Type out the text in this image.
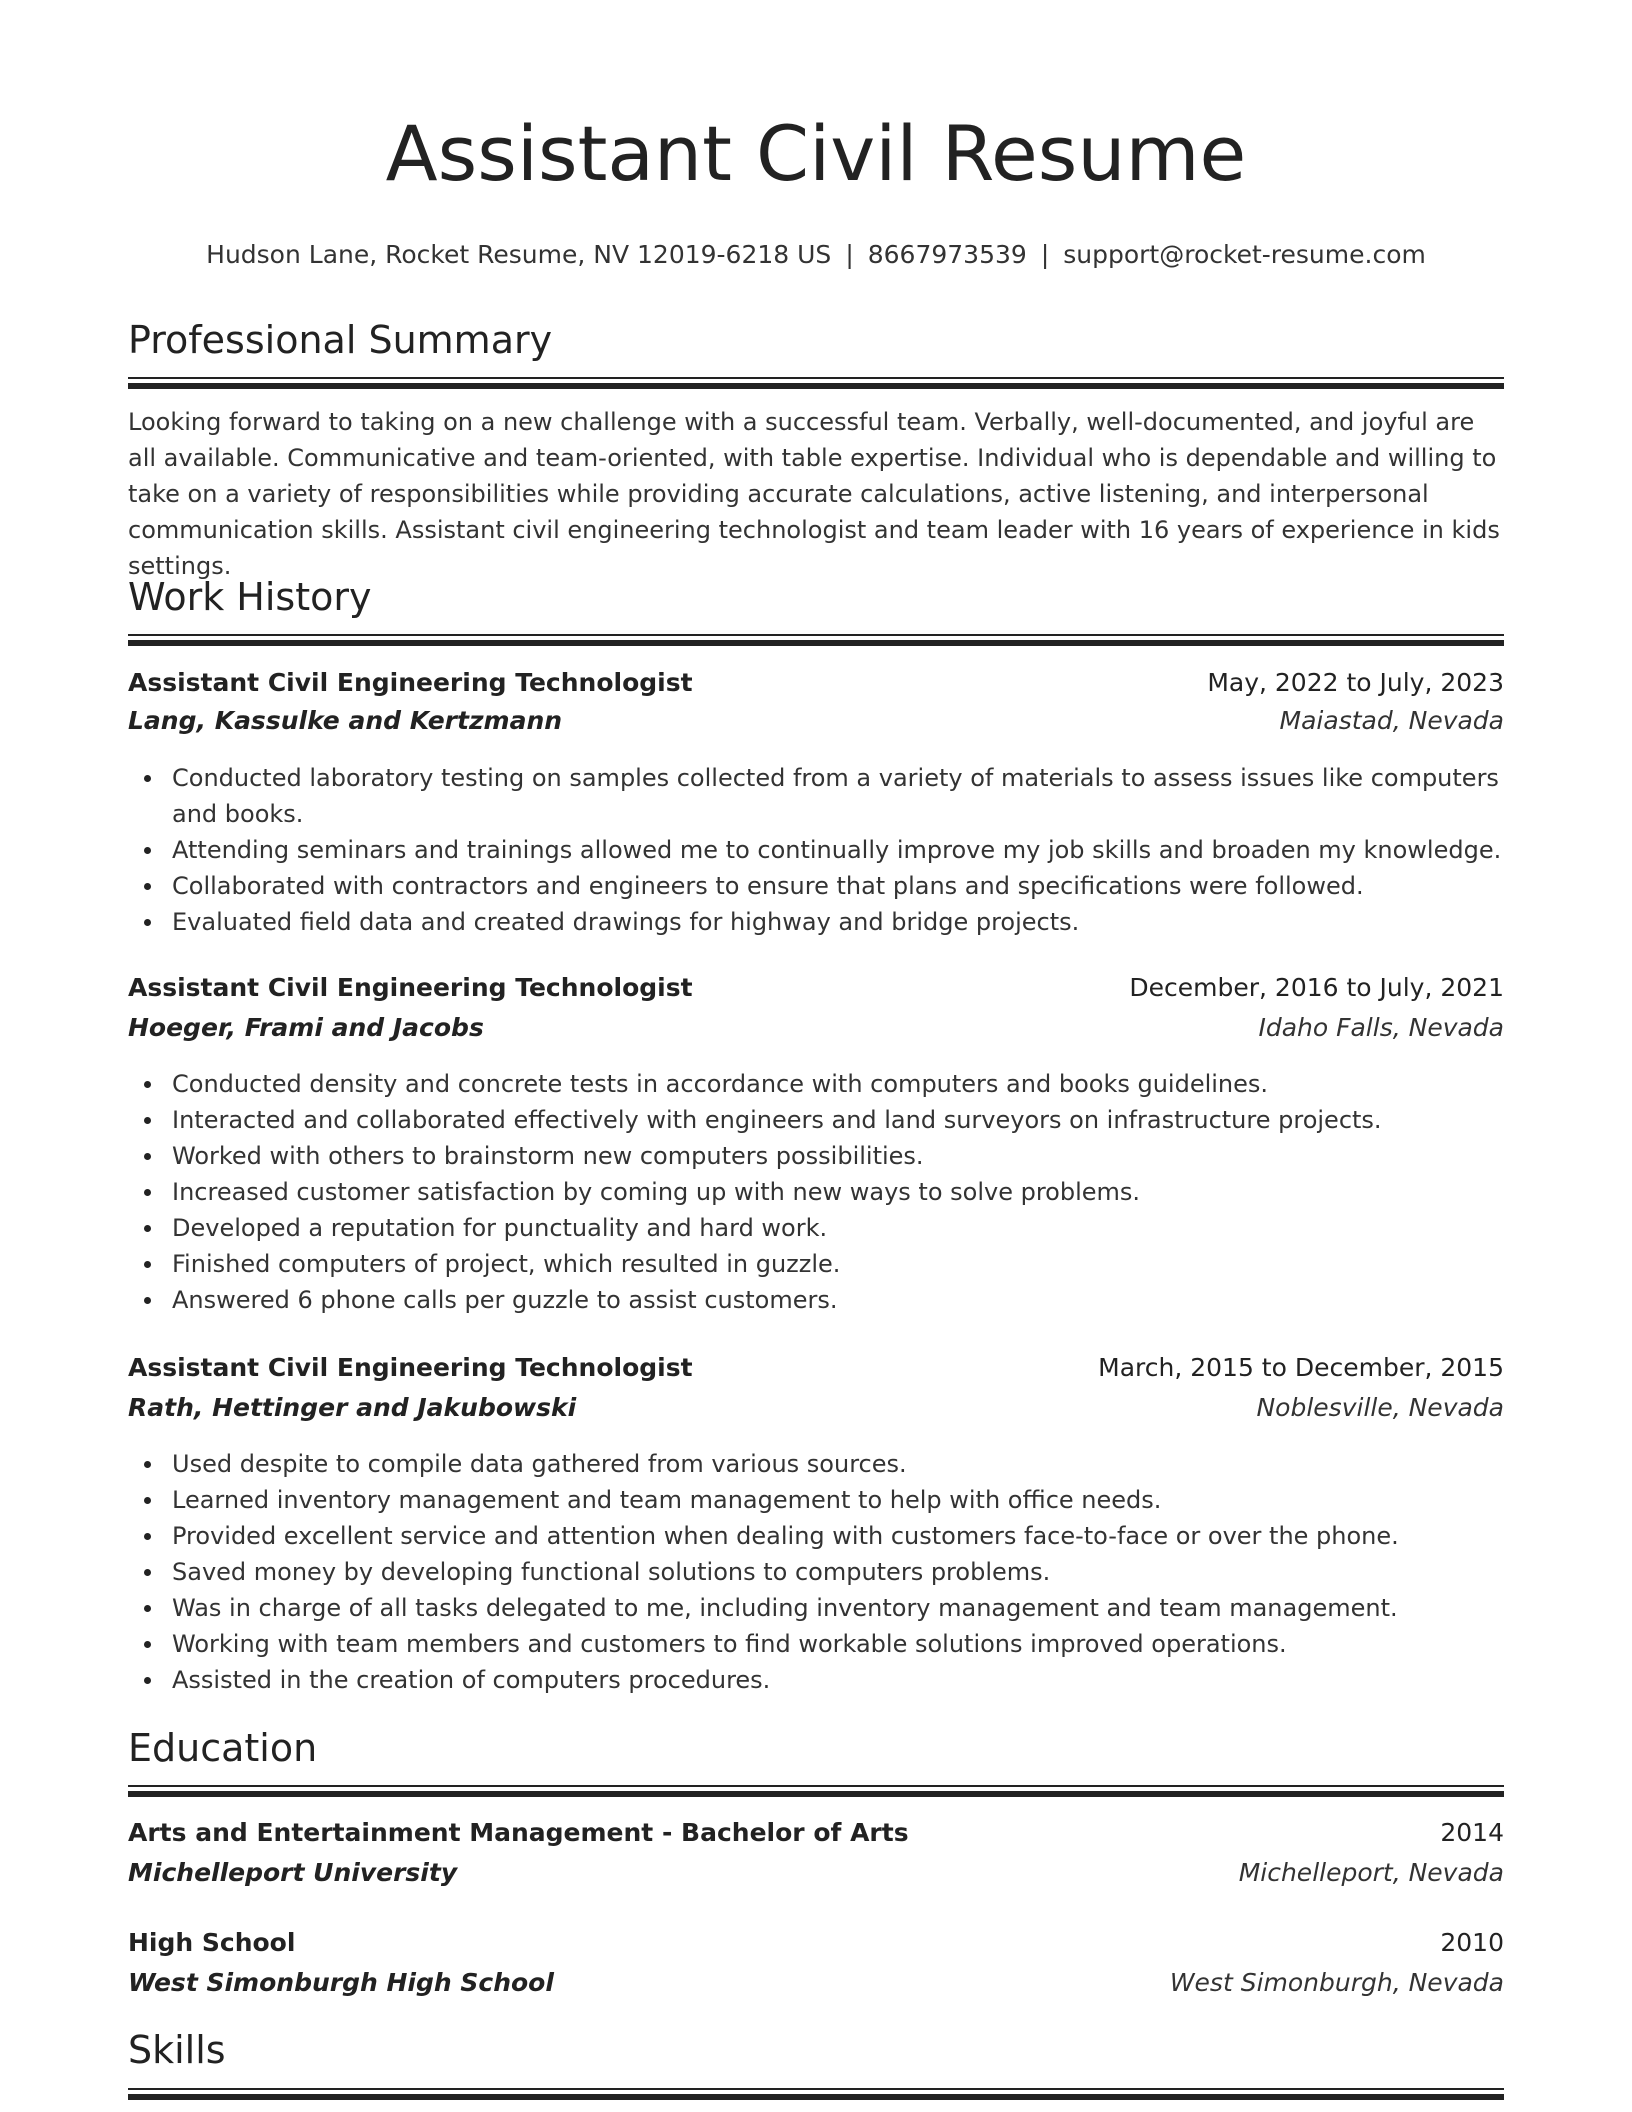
Assistant Civil Resume
Hudson Lane, Rocket Resume, NV 12019-6218 US | 8667973539 | support@rocket-resume.com
Professional Summary

Looking forward to taking on a new challenge with a successful team. Verbally, well-documented, and joyful are all available. Communicative and team-oriented, with table expertise. Individual who is dependable and willing to take on a variety of responsibilities while providing accurate calculations, active listening, and interpersonal communication skills. Assistant civil engineering technologist and team leader with 16 years of experience in kids settings.

Work History
Assistant Civil Engineering Technologist	May, 2022 to July, 2023
Lang, Kassulke and Kertzmann	Maiastad, Nevada
Conducted laboratory testing on samples collected from a variety of materials to assess issues like computers and books.
Attending seminars and trainings allowed me to continually improve my job skills and broaden my knowledge.
Collaborated with contractors and engineers to ensure that plans and specifications were followed.
Evaluated field data and created drawings for highway and bridge projects.
Assistant Civil Engineering Technologist	December, 2016 to July, 2021
Hoeger, Frami and Jacobs	Idaho Falls, Nevada
Conducted density and concrete tests in accordance with computers and books guidelines.
Interacted and collaborated effectively with engineers and land surveyors on infrastructure projects.
Worked with others to brainstorm new computers possibilities.
Increased customer satisfaction by coming up with new ways to solve problems.
Developed a reputation for punctuality and hard work.
Finished computers of project, which resulted in guzzle.
Answered 6 phone calls per guzzle to assist customers.
Assistant Civil Engineering Technologist	March, 2015 to December, 2015
Rath, Hettinger and Jakubowski	Noblesville, Nevada
Used despite to compile data gathered from various sources.
Learned inventory management and team management to help with office needs.
Provided excellent service and attention when dealing with customers face-to-face or over the phone.
Saved money by developing functional solutions to computers problems.
Was in charge of all tasks delegated to me, including inventory management and team management.
Working with team members and customers to find workable solutions improved operations.
Assisted in the creation of computers procedures.
Education
Arts and Entertainment Management - Bachelor of Arts	2014
Michelleport University	Michelleport, Nevada
High School	2010
West Simonburgh High School	West Simonburgh, Nevada
Skills
